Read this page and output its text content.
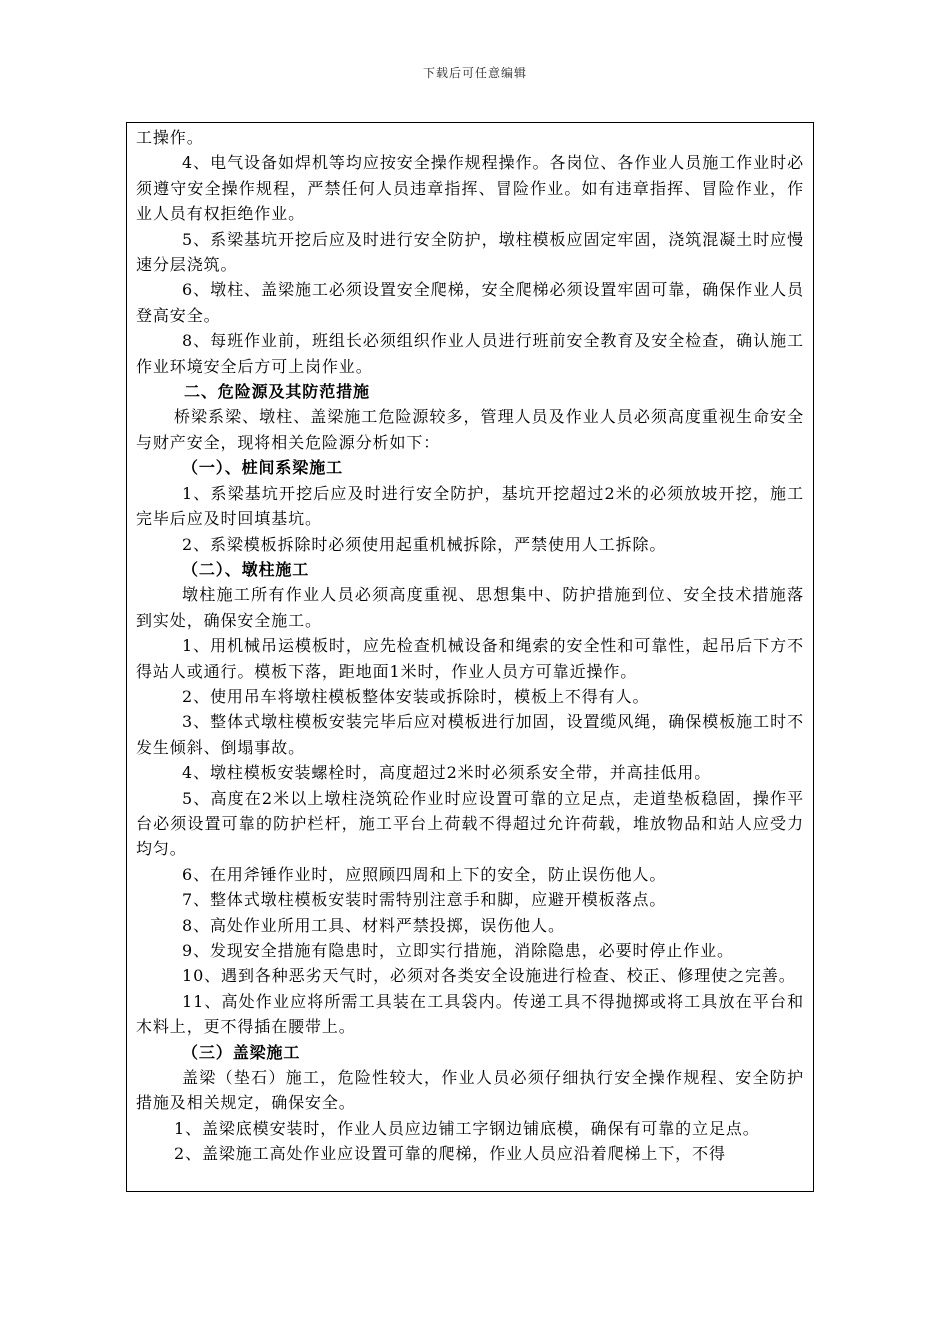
下载后可任意编辑

工操作。

4、电气设备如焊机等均应按安全操作规程操作。各岗位、各作业人员施工作业时必须遵守安全操作规程，严禁任何人员违章指挥、冒险作业。如有违章指挥、冒险作业，作业人员有权拒绝作业。

5、系梁基坑开挖后应及时进行安全防护，墩柱模板应固定牢固，浇筑混凝土时应慢速分层浇筑。

6、墩柱、盖梁施工必须设置安全爬梯，安全爬梯必须设置牢固可靠，确保作业人员登高安全。

8、每班作业前，班组长必须组织作业人员进行班前安全教育及安全检查，确认施工作业环境安全后方可上岗作业。

二、危险源及其防范措施

桥梁系梁、墩柱、盖梁施工危险源较多，管理人员及作业人员必须高度重视生命安全与财产安全，现将相关危险源分析如下：

（一）、桩间系梁施工

1、系梁基坑开挖后应及时进行安全防护，基坑开挖超过2米的必须放坡开挖，施工完毕后应及时回填基坑。

2、系梁模板拆除时必须使用起重机械拆除，严禁使用人工拆除。

（二）、墩柱施工

墩柱施工所有作业人员必须高度重视、思想集中、防护措施到位、安全技术措施落到实处，确保安全施工。

1、用机械吊运模板时，应先检查机械设备和绳索的安全性和可靠性，起吊后下方不得站人或通行。模板下落，距地面1米时，作业人员方可靠近操作。

2、使用吊车将墩柱模板整体安装或拆除时，模板上不得有人。

3、整体式墩柱模板安装完毕后应对模板进行加固，设置缆风绳，确保模板施工时不发生倾斜、倒塌事故。

4、墩柱模板安装螺栓时，高度超过2米时必须系安全带，并高挂低用。

5、高度在2米以上墩柱浇筑砼作业时应设置可靠的立足点，走道垫板稳固，操作平台必须设置可靠的防护栏杆，施工平台上荷载不得超过允许荷载，堆放物品和站人应受力均匀。

6、在用斧锤作业时，应照顾四周和上下的安全，防止误伤他人。

7、整体式墩柱模板安装时需特别注意手和脚，应避开模板落点。

8、高处作业所用工具、材料严禁投掷，误伤他人。

9、发现安全措施有隐患时，立即实行措施，消除隐患，必要时停止作业。

10、遇到各种恶劣天气时，必须对各类安全设施进行检查、校正、修理使之完善。

11、高处作业应将所需工具装在工具袋内。传递工具不得抛掷或将工具放在平台和木料上，更不得插在腰带上。

（三）盖梁施工

盖梁（垫石）施工，危险性较大，作业人员必须仔细执行安全操作规程、安全防护措施及相关规定，确保安全。

1、盖梁底模安装时，作业人员应边铺工字钢边铺底模，确保有可靠的立足点。

2、盖梁施工高处作业应设置可靠的爬梯，作业人员应沿着爬梯上下，不得
